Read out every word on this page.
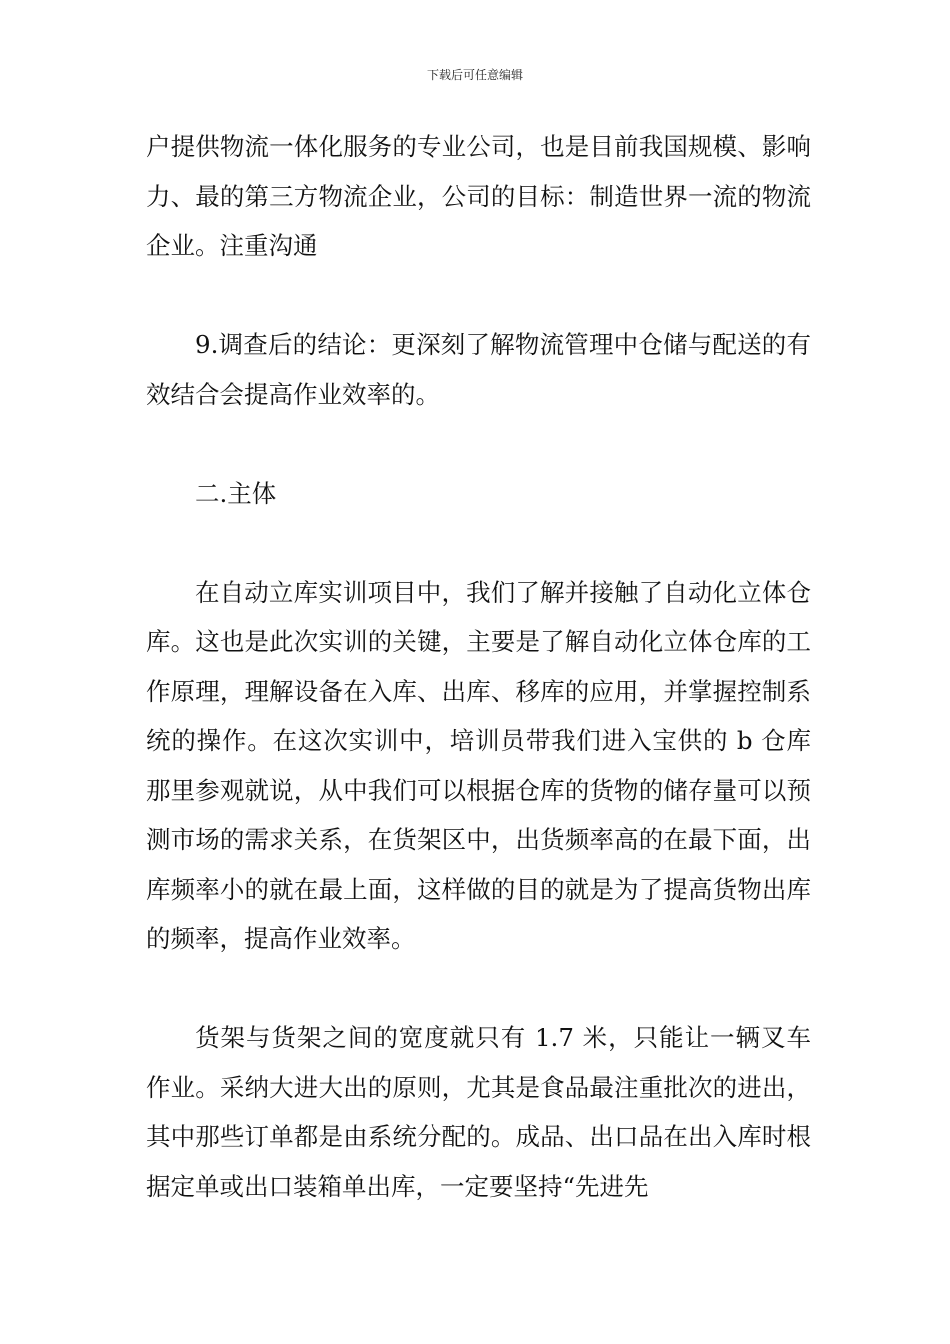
下载后可任意编辑

户提供物流一体化服务的专业公司，也是目前我国规模、影响力、最的第三方物流企业，公司的目标：制造世界一流的物流企业。注重沟通

9.调查后的结论：更深刻了解物流管理中仓储与配送的有效结合会提高作业效率的。

二.主体

在自动立库实训项目中，我们了解并接触了自动化立体仓库。这也是此次实训的关键，主要是了解自动化立体仓库的工作原理，理解设备在入库、出库、移库的应用，并掌握控制系统的操作。在这次实训中，培训员带我们进入宝供的 b 仓库那里参观就说，从中我们可以根据仓库的货物的储存量可以预测市场的需求关系，在货架区中，出货频率高的在最下面，出库频率小的就在最上面，这样做的目的就是为了提高货物出库的频率，提高作业效率。

货架与货架之间的宽度就只有 1.7 米，只能让一辆叉车作业。采纳大进大出的原则，尤其是食品最注重批次的进出，其中那些订单都是由系统分配的。成品、出口品在出入库时根据定单或出口装箱单出库，一定要坚持“先进先
